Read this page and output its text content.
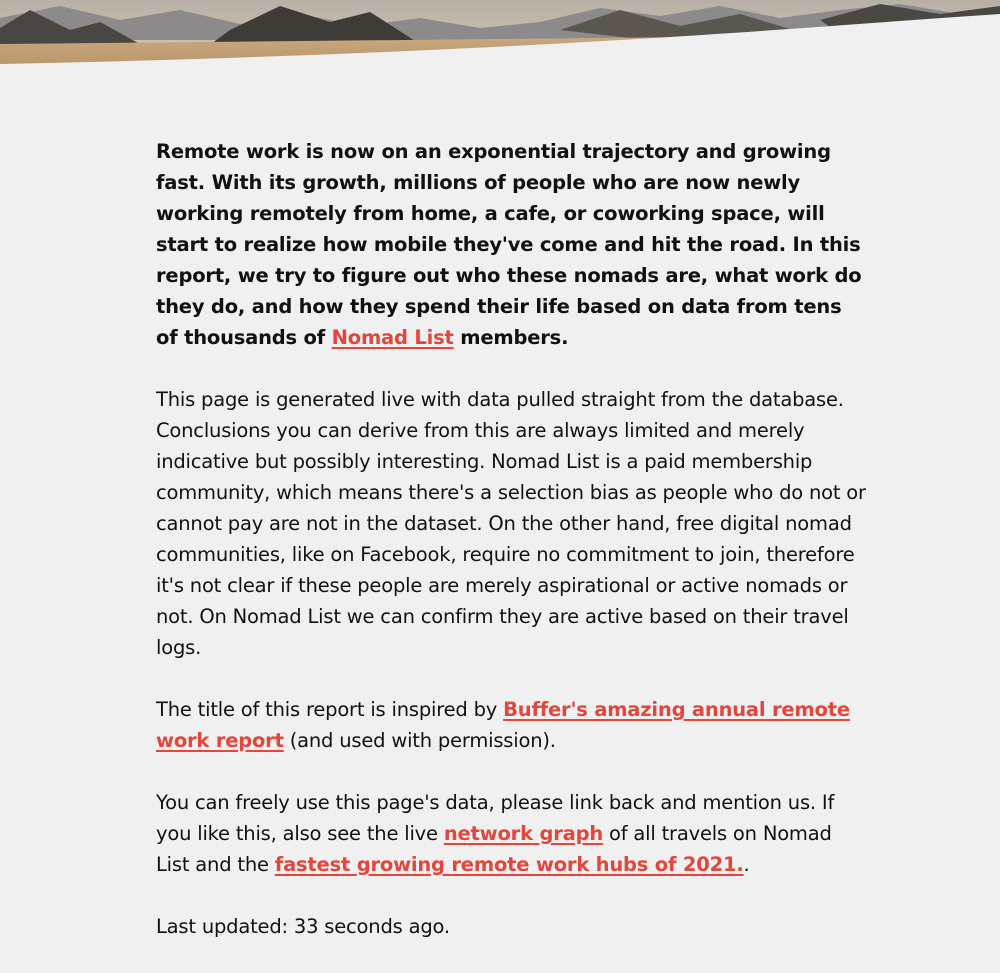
Remote work is now on an exponential trajectory and growing fast. With its growth, millions of people who are now newly working remotely from home, a cafe, or coworking space, will start to realize how mobile they've come and hit the road. In this report, we try to figure out who these nomads are, what work do they do, and how they spend their life based on data from tens of thousands of Nomad List members.

This page is generated live with data pulled straight from the database. Conclusions you can derive from this are always limited and merely indicative but possibly interesting. Nomad List is a paid membership community, which means there's a selection bias as people who do not or cannot pay are not in the dataset. On the other hand, free digital nomad communities, like on Facebook, require no commitment to join, therefore it's not clear if these people are merely aspirational or active nomads or not. On Nomad List we can confirm they are active based on their travel logs.

The title of this report is inspired by Buffer's amazing annual remote work report (and used with permission).

You can freely use this page's data, please link back and mention us. If you like this, also see the live network graph of all travels on Nomad List and the fastest growing remote work hubs of 2021..

Last updated: 33 seconds ago.
